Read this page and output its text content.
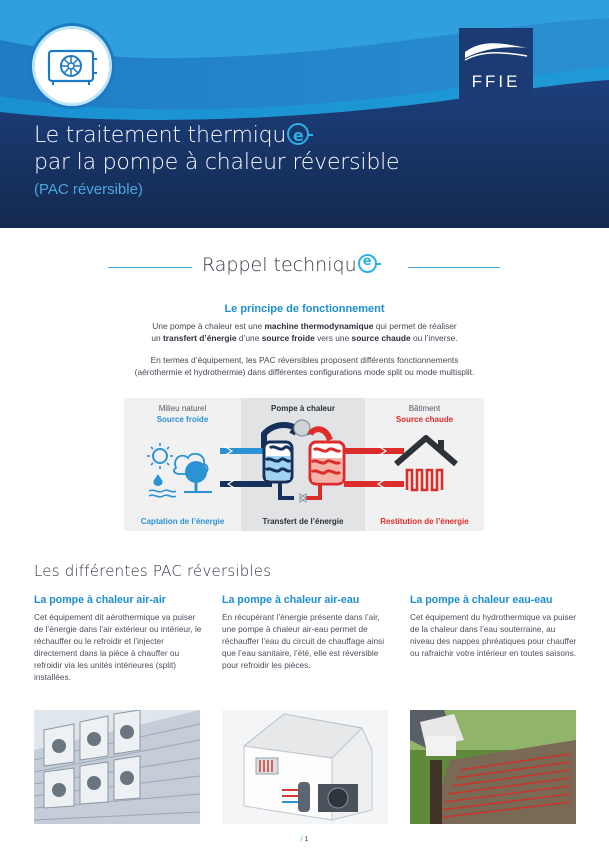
FFIE
Le traitement thermiqu e
par la pompe à chaleur réversible
(PAC réversible)
Rappel techniqu e
Le principe de fonctionnement
Une pompe à chaleur est une machine thermodynamique qui permet de réaliser
un transfert d’énergie d’une source froide vers une source chaude ou l’inverse.
En termes d’équipement, les PAC réversibles proposent différents fonctionnements
(aérothermie et hydrothermie) dans différentes configurations mode split ou mode multisplit.
Milieu naturel
Source froide
Pompe à chaleur	Bâtiment
Source chaude
Captation de l’énergie	Transfert de l’énergie	Restitution de l’énergie
Les différentes PAC réversibles
La pompe à chaleur air-air

Cet équipement dit aérothermique va puiser de l’énergie dans l’air extérieur ou intérieur, le réchauffer ou le refroidir et l’injecter directement dans la pièce à chauffer ou refroidir via les unités intérieures (split) installées.

La pompe à chaleur air-eau

En récupérant l’énergie présente dans l’air, une pompe à chaleur air-eau permet de réchauffer l’eau du circuit de chauffage ainsi que l’eau sanitaire, l’été, elle est réversible pour refroidir les pièces.

La pompe à chaleur eau-eau

Cet équipement du hydrothermique va puiser de la chaleur dans l’eau souterraine, au niveau des nappes phréatiques pour chauffer ou rafraichir votre intérieur en toutes saisons.

/ 1
